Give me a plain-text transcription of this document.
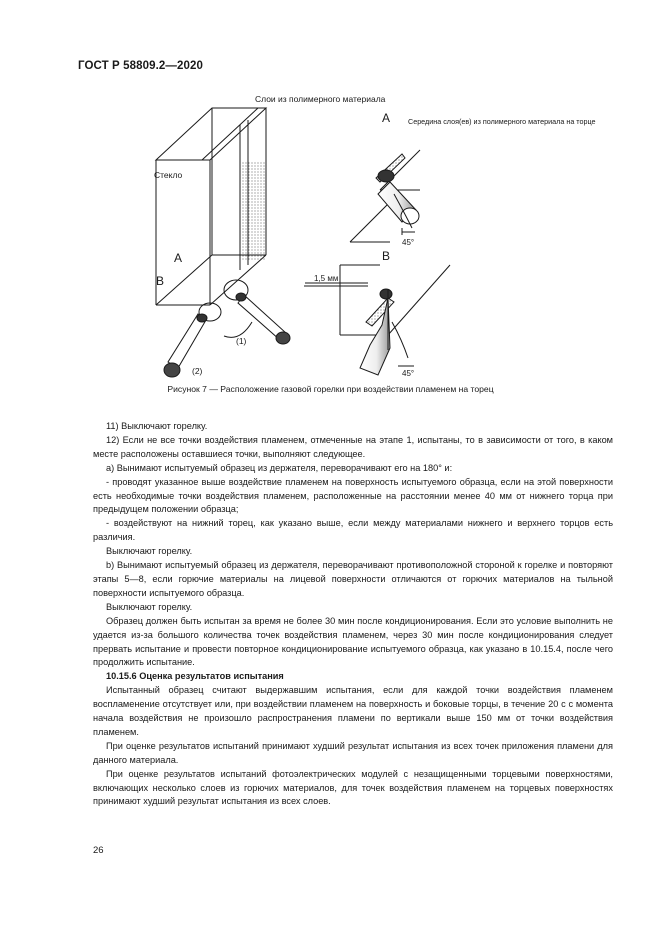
ГОСТ Р 58809.2—2020
Слои из полимерного материала
Стекло
A
B
(1)
(2)
A
B
Середина слоя(ев) из полимерного материала на торце
45°
45°
1,5 мм
Рисунок 7 — Расположение газовой горелки при воздействии пламенем на торец

11) Выключают горелку.

12) Если не все точки воздействия пламенем, отмеченные на этапе 1, испытаны, то в зависимости от того, в каком месте расположены оставшиеся точки, выполняют следующее.

a) Вынимают испытуемый образец из держателя, переворачивают его на 180° и:

- проводят указанное выше воздействие пламенем на поверхность испытуемого образца, если на этой поверхности есть необходимые точки воздействия пламенем, расположенные на расстоянии менее 40 мм от нижнего торца при предыдущем положении образца;

- воздействуют на нижний торец, как указано выше, если между материалами нижнего и верхнего торцов есть различия.

Выключают горелку.

b) Вынимают испытуемый образец из держателя, переворачивают противоположной стороной к горелке и повторяют этапы 5—8, если горючие материалы на лицевой поверхности отличаются от горючих материалов на тыльной поверхности испытуемого образца.

Выключают горелку.

Образец должен быть испытан за время не более 30 мин после кондиционирования. Если это условие выполнить не удается из-за большого количества точек воздействия пламенем, через 30 мин после кондиционирования следует прервать испытание и провести повторное кондиционирование испытуемого образца, как указано в 10.15.4, после чего продолжить испытание.

10.15.6 Оценка результатов испытания

Испытанный образец считают выдержавшим испытания, если для каждой точки воздействия пламенем воспламенение отсутствует или, при воздействии пламенем на поверхность и боковые торцы, в течение 20 с с момента начала воздействия не произошло распространения пламени по вертикали выше 150 мм от точки воздействия пламенем.

При оценке результатов испытаний принимают худший результат испытания из всех точек приложения пламени для данного материала.

При оценке результатов испытаний фотоэлектрических модулей с незащищенными торцевыми поверхностями, включающих несколько слоев из горючих материалов, для точек воздействия пламенем на торцевых поверхностях принимают худший результат испытания из всех слоев.

26
